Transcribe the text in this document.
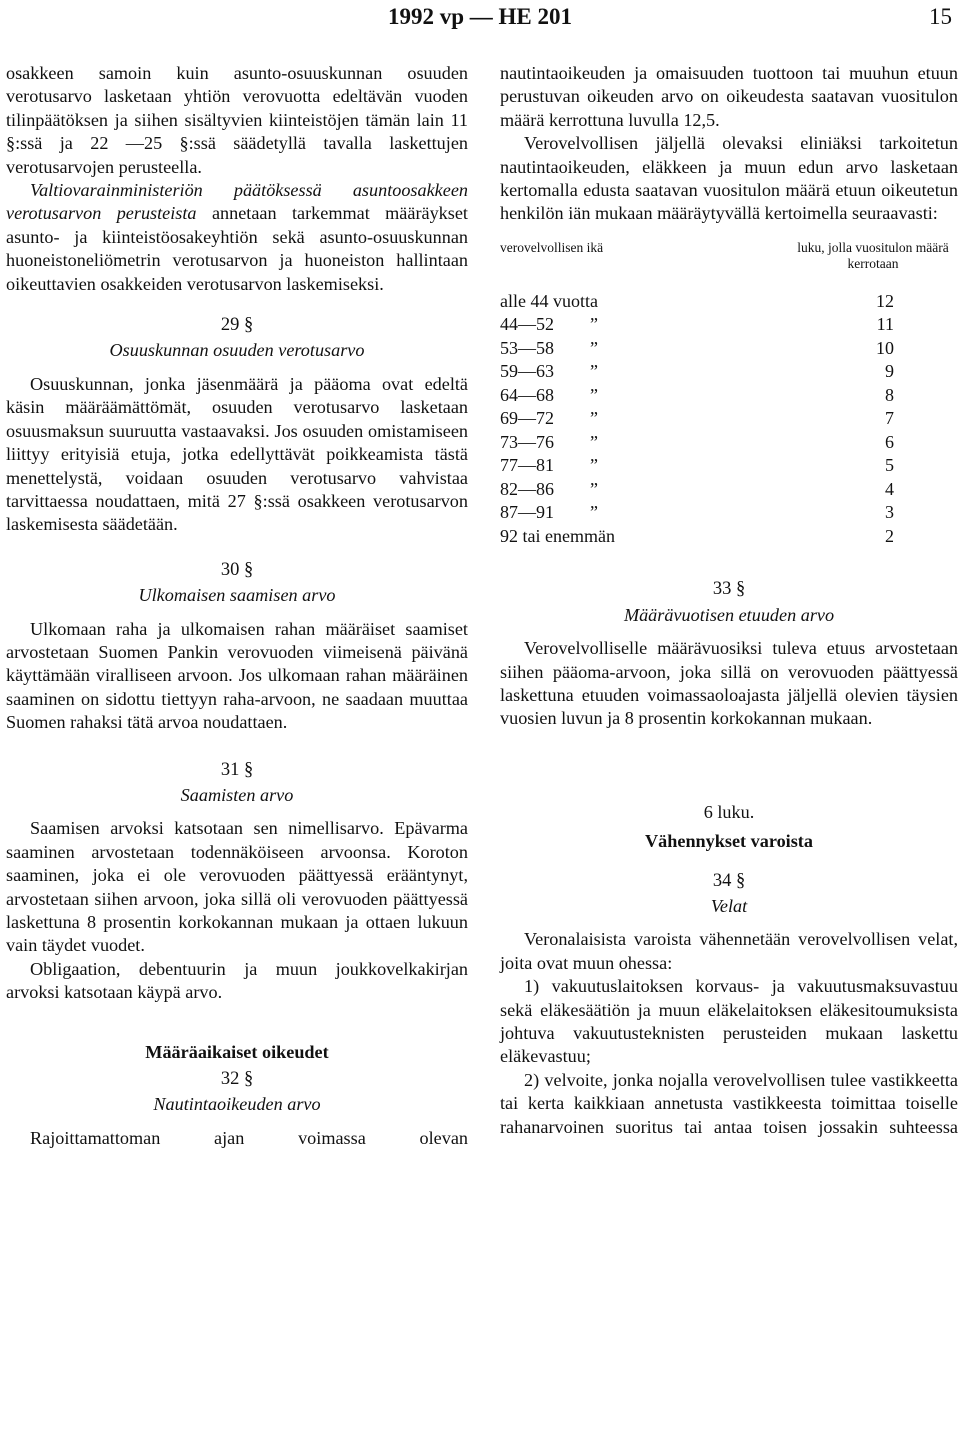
1992 vp — HE 201	15

osakkeen samoin kuin asunto-osuuskunnan osuuden verotusarvo lasketaan yhtiön verovuotta edeltävän vuoden tilinpäätöksen ja siihen sisältyvien kiinteistöjen tämän lain 11 §:ssä ja 22 —25 §:ssä säädetyllä tavalla laskettujen verotusarvojen perusteella.

Valtiovarainministeriön päätöksessä asuntoosakkeen verotusarvon perusteista annetaan tarkemmat määräykset asunto- ja kiinteistöosakeyhtiön sekä asunto-osuuskunnan huoneistoneliömetrin verotusarvon ja huoneiston hallintaan oikeuttavien osakkeiden verotusarvon laskemiseksi.

29 §
Osuuskunnan osuuden verotusarvo

Osuuskunnan, jonka jäsenmäärä ja pääoma ovat edeltä käsin määräämättömät, osuuden verotusarvo lasketaan osuusmaksun suuruutta vastaavaksi. Jos osuuden omistamiseen liittyy erityisiä etuja, jotka edellyttävät poikkeamista tästä menettelystä, voidaan osuuden verotusarvo vahvistaa tarvittaessa noudattaen, mitä 27 §:ssä osakkeen verotusarvon laskemisesta säädetään.

30 §
Ulkomaisen saamisen arvo

Ulkomaan raha ja ulkomaisen rahan määräiset saamiset arvostetaan Suomen Pankin verovuoden viimeisenä päivänä käyttämään viralliseen arvoon. Jos ulkomaan rahan määräinen saaminen on sidottu tiettyyn raha-arvoon, ne saadaan muuttaa Suomen rahaksi tätä arvoa noudattaen.

31 §
Saamisten arvo

Saamisen arvoksi katsotaan sen nimellisarvo. Epävarma saaminen arvostetaan todennäköiseen arvoonsa. Koroton saaminen, joka ei ole verovuoden päättyessä erääntynyt, arvostetaan siihen arvoon, joka sillä oli verovuoden päättyessä laskettuna 8 prosentin korkokannan mukaan ja ottaen lukuun vain täydet vuodet.

Obligaation, debentuurin ja muun joukkovelkakirjan arvoksi katsotaan käypä arvo.

Määräaikaiset oikeudet
32 §
Nautintaoikeuden arvo

Rajoittamattoman ajan voimassa olevan

nautintaoikeuden ja omaisuuden tuottoon tai muuhun etuun perustuvan oikeuden arvo on oikeudesta saatavan vuositulon määrä kerrottuna luvulla 12,5.

Verovelvollisen jäljellä olevaksi eliniäksi tarkoitetun nautintaoikeuden, eläkkeen ja muun edun arvo lasketaan kertomalla edusta saatavan vuositulon määrä etuun oikeutetun henkilön iän mukaan määräytyvällä kertoimella seuraavasti:

verovelvollisen ikä	luku, jolla vuositulon määrä kerrotaan
alle 44 vuotta	12
44—52	”	11
53—58	”	10
59—63	”	9
64—68	”	8
69—72	”	7
73—76	”	6
77—81	”	5
82—86	”	4
87—91	”	3
92 tai enemmän	2
33 §
Määrävuotisen etuuden arvo

Verovelvolliselle määrävuosiksi tuleva etuus arvostetaan siihen pääoma-arvoon, joka sillä on verovuoden päättyessä laskettuna etuuden voimassaoloajasta jäljellä olevien täysien vuosien luvun ja 8 prosentin korkokannan mukaan.

6 luku.
Vähennykset varoista
34 §
Velat

Veronalaisista varoista vähennetään verovelvollisen velat, joita ovat muun ohessa:

1) vakuutuslaitoksen korvaus- ja vakuutusmaksuvastuu sekä eläkesäätiön ja muun eläkelaitoksen eläkesitoumuksista johtuva vakuutusteknisten perusteiden mukaan laskettu eläkevastuu;

2) velvoite, jonka nojalla verovelvollisen tulee vastikkeetta tai kerta kaikkiaan annetusta vastikkeesta toimittaa toiselle rahanarvoinen suoritus tai antaa toisen jossakin suhteessa
